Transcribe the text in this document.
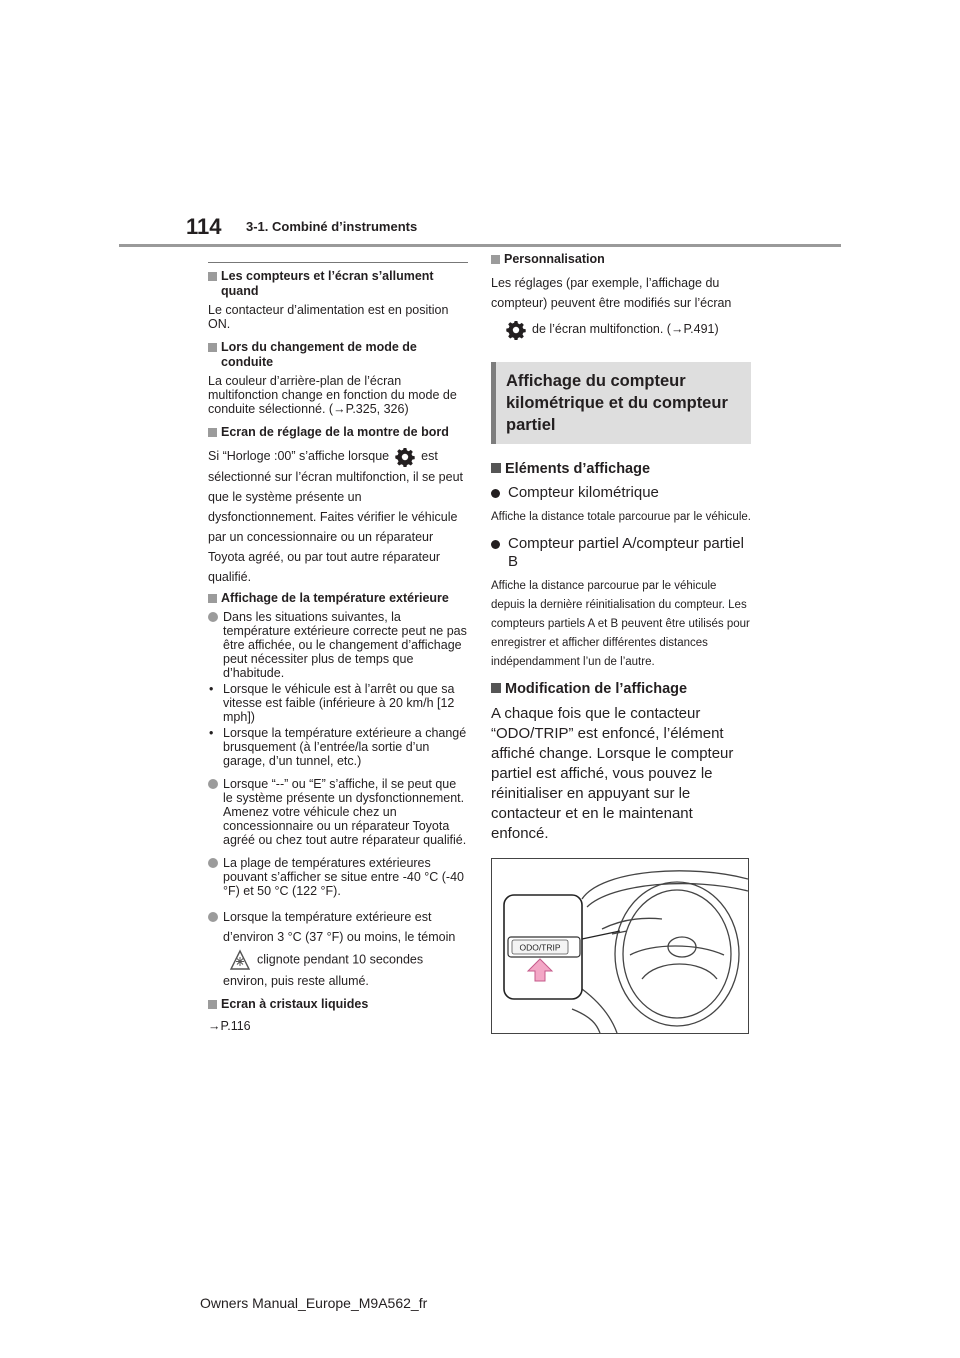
114 3-1. Combiné d’instruments
Les compteurs et l’écran s’allument quand

Le contacteur d’alimentation est en position ON.

Lors du changement de mode de conduite

La couleur d’arrière-plan de l’écran multifonction change en fonction du mode de conduite sélectionné. (→P.325, 326)

Ecran de réglage de la montre de bord

Si “Horloge :00” s’affiche lorsque	est sélectionné sur l’écran multifonction, il se peut que le système présente un dysfonctionnement. Faites vérifier le véhicule par un concessionnaire ou un réparateur Toyota agréé, ou par tout autre réparateur qualifié.

Affichage de la température extérieure
Dans les situations suivantes, la température extérieure correcte peut ne pas être affichée, ou le changement d’affichage peut nécessiter plus de temps que d’habitude.
• Lorsque le véhicule est à l’arrêt ou que sa vitesse est faible (inférieure à 20 km/h [12 mph])
• Lorsque la température extérieure a changé brusquement (à l’entrée/la sortie d’un garage, d’un tunnel, etc.)
Lorsque “--” ou “E” s’affiche, il se peut que le système présente un dysfonctionnement. Amenez votre véhicule chez un concessionnaire ou un réparateur Toyota agréé ou chez tout autre réparateur qualifié.
La plage de températures extérieures pouvant s’afficher se situe entre -40 °C (-40 °F) et 50 °C (122 °F).
Lorsque la température extérieure est d’environ 3 °C (37 °F) ou moins, le témoin

clignote pendant 10 secondes environ, puis reste allumé.

Ecran à cristaux liquides

→P.116

Personnalisation

Les réglages (par exemple, l’affichage du compteur) peuvent être modifiés sur l’écran

de l’écran multifonction. (→P.491)

Affichage du compteur kilométrique et du compteur partiel
Eléments d’affichage
Compteur kilométrique

Affiche la distance totale parcourue par le véhicule.

Compteur partiel A/compteur partiel B

Affiche la distance parcourue par le véhicule depuis la dernière réinitialisation du compteur. Les compteurs partiels A et B peuvent être utilisés pour enregistrer et afficher différentes distances indépendamment l’un de l’autre.

Modification de l’affichage

A chaque fois que le contacteur “ODO/TRIP” est enfoncé, l’élément affiché change. Lorsque le compteur partiel est affiché, vous pouvez le réinitialiser en appuyant sur le contacteur et en le maintenant enfoncé.

ODO/TRIP
Owners Manual_Europe_M9A562_fr
